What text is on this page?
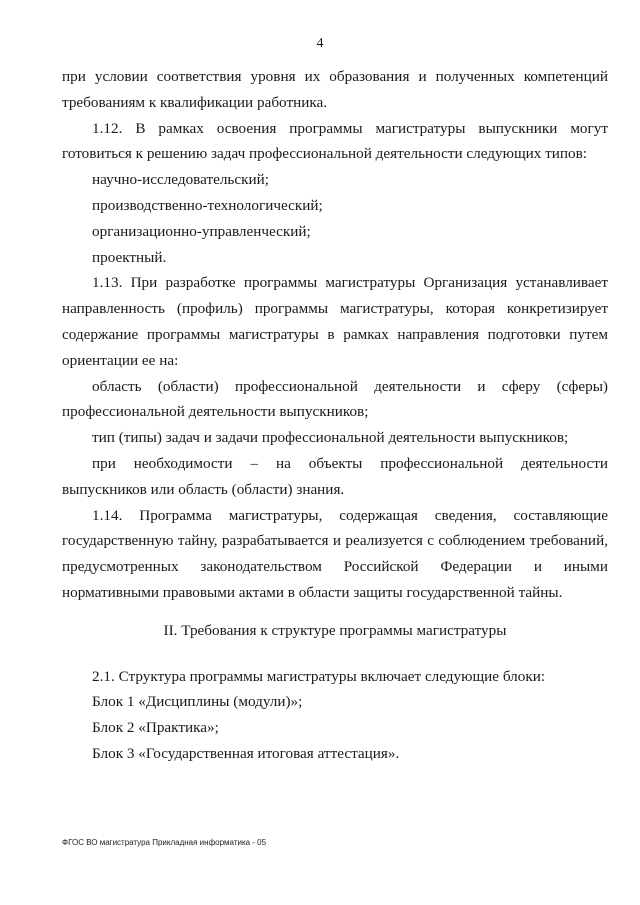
4

при условии соответствия уровня их образования и полученных компетенций требованиям к квалификации работника.

1.12. В рамках освоения программы магистратуры выпускники могут готовиться к решению задач профессиональной деятельности следующих типов:

научно-исследовательский;

производственно-технологический;

организационно-управленческий;

проектный.

1.13. При разработке программы магистратуры Организация устанавливает направленность (профиль) программы магистратуры, которая конкретизирует содержание программы магистратуры в рамках направления подготовки путем ориентации ее на:

область (области) профессиональной деятельности и сферу (сферы) профессиональной деятельности выпускников;

тип (типы) задач и задачи профессиональной деятельности выпускников;

при необходимости – на объекты профессиональной деятельности выпускников или область (области) знания.

1.14. Программа магистратуры, содержащая сведения, составляющие государственную тайну, разрабатывается и реализуется с соблюдением требований, предусмотренных законодательством Российской Федерации и иными нормативными правовыми актами в области защиты государственной тайны.

II. Требования к структуре программы магистратуры

2.1. Структура программы магистратуры включает следующие блоки:

Блок 1 «Дисциплины (модули)»;

Блок 2 «Практика»;

Блок 3 «Государственная итоговая аттестация».

ФГОС ВО магистратура Прикладная информатика - 05
